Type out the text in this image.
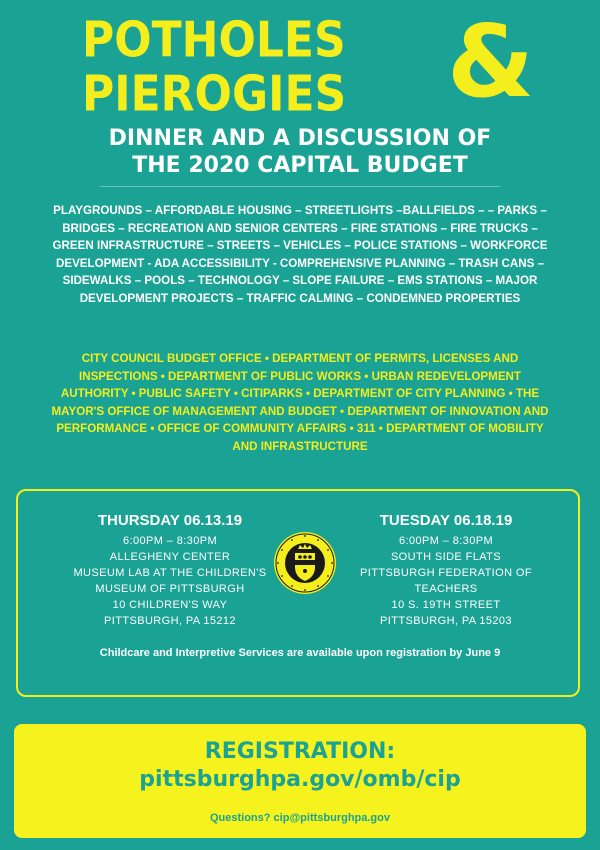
POTHOLES
PIEROGIES &
DINNER AND A DISCUSSION OF
THE 2020 CAPITAL BUDGET

PLAYGROUNDS – AFFORDABLE HOUSING – STREETLIGHTS –BALLFIELDS – – PARKS – BRIDGES – RECREATION AND SENIOR CENTERS – FIRE STATIONS – FIRE TRUCKS – GREEN INFRASTRUCTURE – STREETS – VEHICLES – POLICE STATIONS – WORKFORCE DEVELOPMENT - ADA ACCESSIBILITY - COMPREHENSIVE PLANNING – TRASH CANS – SIDEWALKS – POOLS – TECHNOLOGY – SLOPE FAILURE – EMS STATIONS – MAJOR DEVELOPMENT PROJECTS – TRAFFIC CALMING – CONDEMNED PROPERTIES

CITY COUNCIL BUDGET OFFICE • DEPARTMENT OF PERMITS, LICENSES AND INSPECTIONS • DEPARTMENT OF PUBLIC WORKS • URBAN REDEVELOPMENT AUTHORITY • PUBLIC SAFETY • CITIPARKS • DEPARTMENT OF CITY PLANNING • THE MAYOR'S OFFICE OF MANAGEMENT AND BUDGET • DEPARTMENT OF INNOVATION AND PERFORMANCE • OFFICE OF COMMUNITY AFFAIRS • 311 • DEPARTMENT OF MOBILITY AND INFRASTRUCTURE

THURSDAY 06.13.19

6:00PM – 8:30PM

ALLEGHENY CENTER

MUSEUM LAB AT THE CHILDREN'S

MUSEUM OF PITTSBURGH

10 CHILDREN'S WAY

PITTSBURGH, PA 15212

TUESDAY 06.18.19

6:00PM – 8:30PM

SOUTH SIDE FLATS

PITTSBURGH FEDERATION OF

TEACHERS

10 S. 19TH STREET

PITTSBURGH, PA 15203

Childcare and Interpretive Services are available upon registration by June 9

REGISTRATION:

pittsburghpa.gov/omb/cip

Questions? cip@pittsburghpa.gov
